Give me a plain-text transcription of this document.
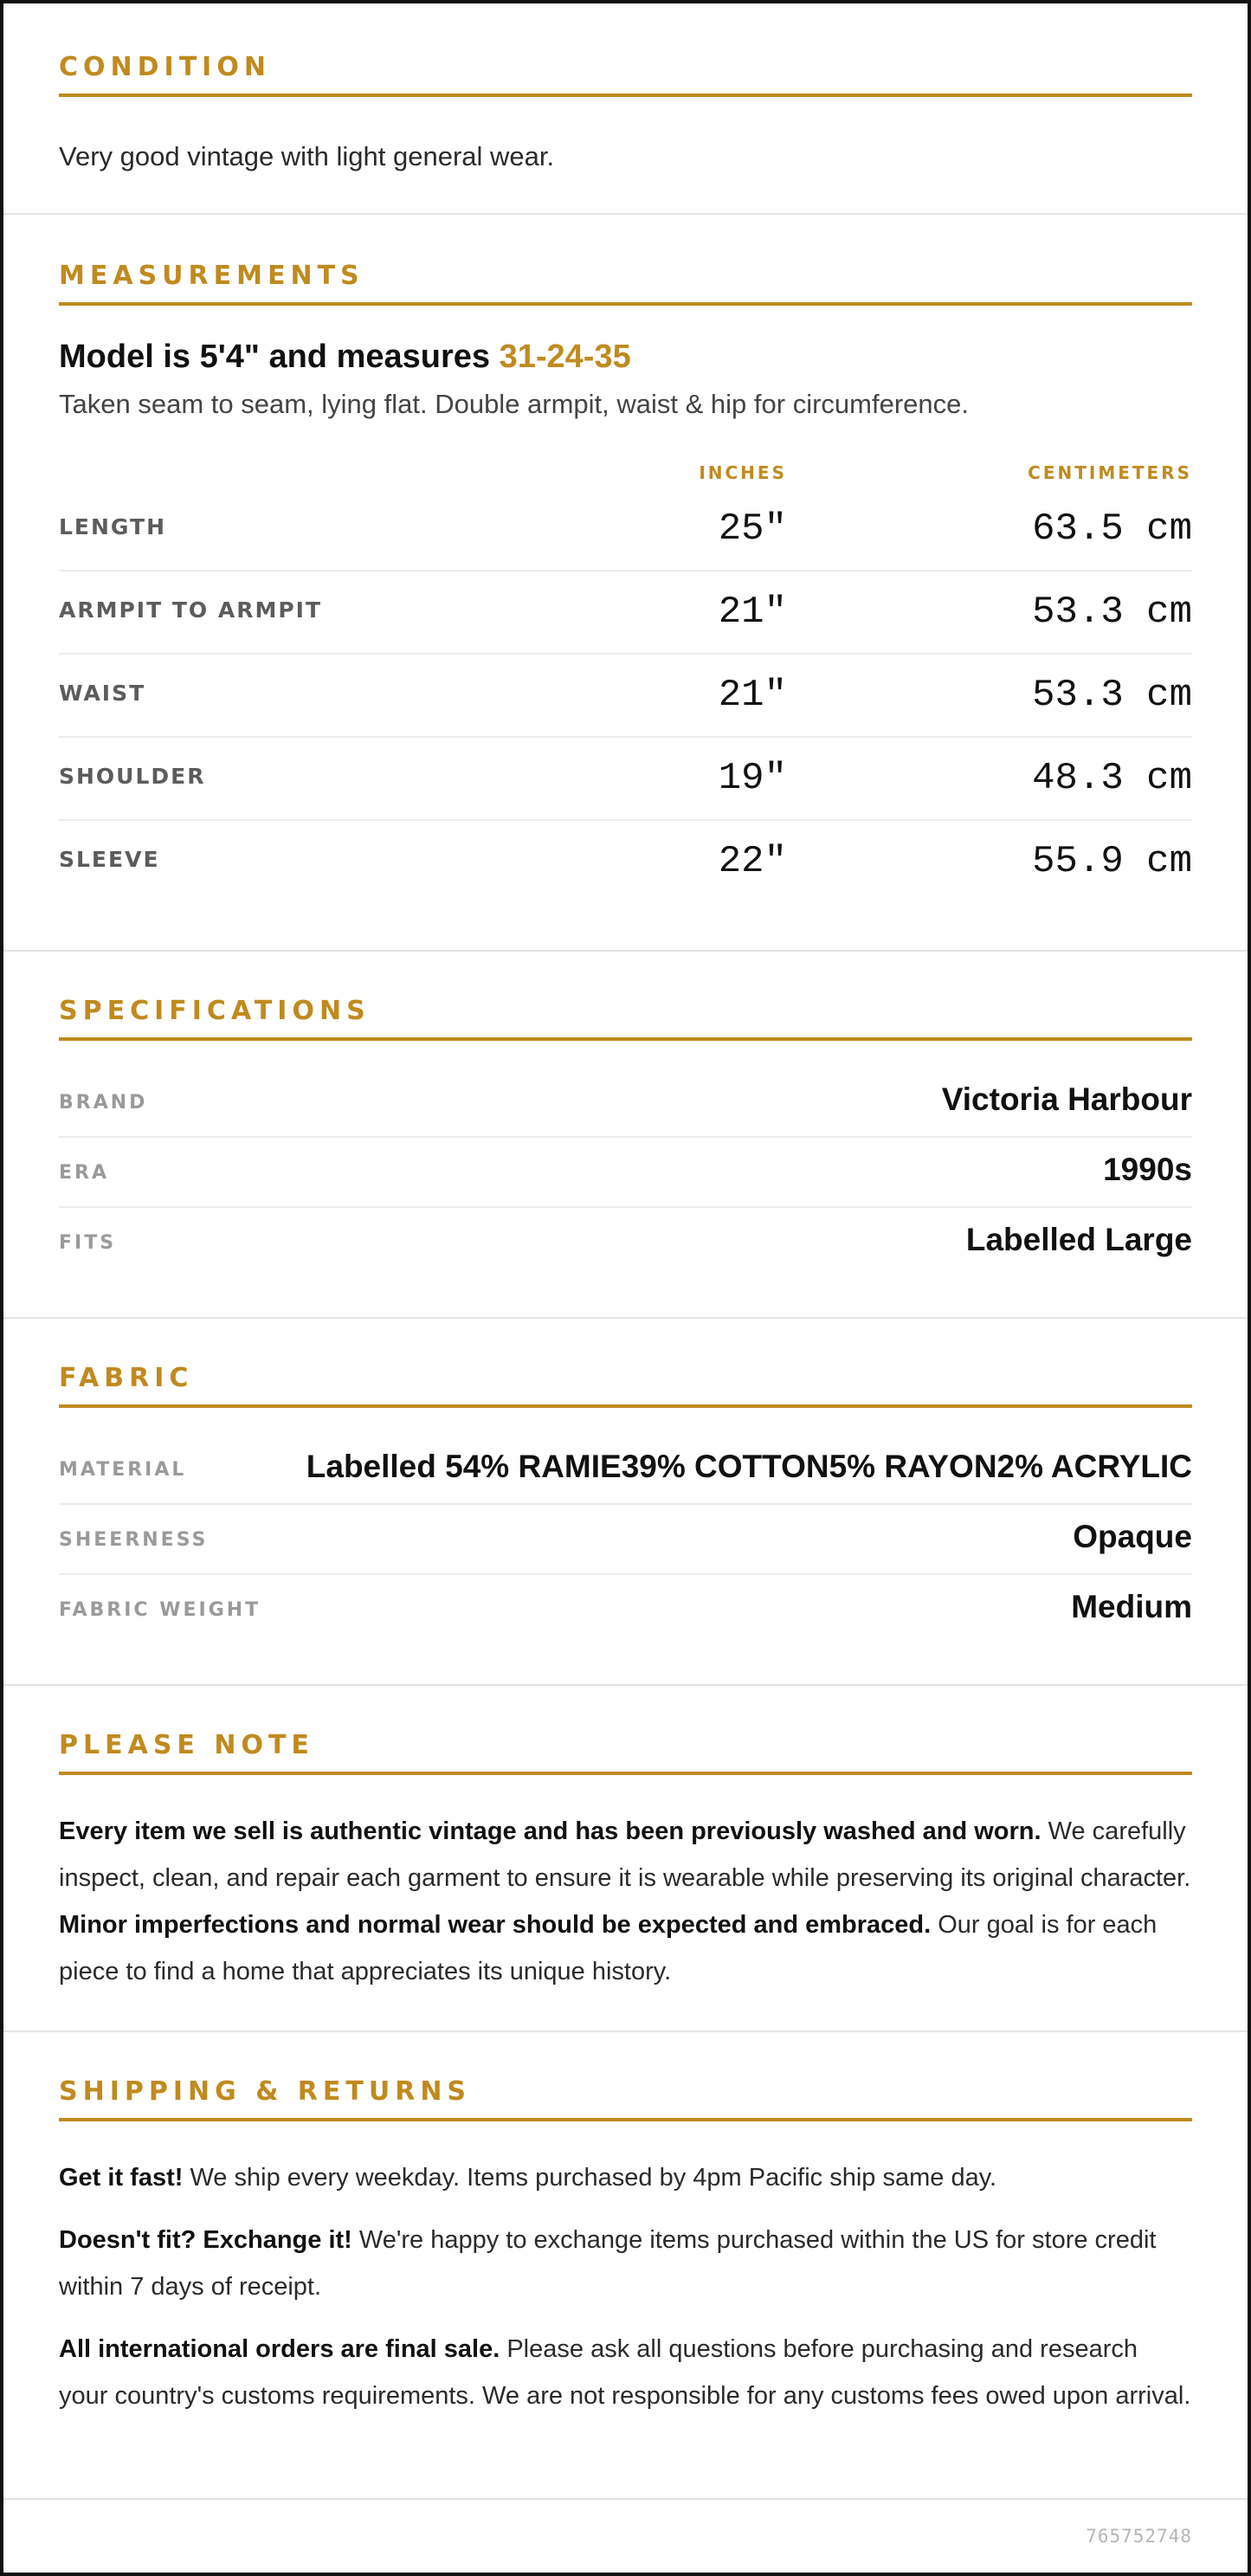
CONDITION

Very good vintage with light general wear.

MEASUREMENTS

Model is 5'4" and measures 31-24-35

Taken seam to seam, lying flat. Double armpit, waist & hip for circumference.

INCHES	CENTIMETERS
LENGTH	25"	63.5 cm
ARMPIT TO ARMPIT	21"	53.3 cm
WAIST	21"	53.3 cm
SHOULDER	19"	48.3 cm
SLEEVE	22"	55.9 cm
SPECIFICATIONS
BRAND	Victoria Harbour
ERA	1990s
FITS	Labelled Large
FABRIC
MATERIAL	Labelled 54% RAMIE39% COTTON5% RAYON2% ACRYLIC
SHEERNESS	Opaque
FABRIC WEIGHT	Medium
PLEASE NOTE

Every item we sell is authentic vintage and has been previously washed and worn. We carefully inspect, clean, and repair each garment to ensure it is wearable while preserving its original character. Minor imperfections and normal wear should be expected and embraced. Our goal is for each piece to find a home that appreciates its unique history.

SHIPPING & RETURNS

Get it fast! We ship every weekday. Items purchased by 4pm Pacific ship same day.

Doesn't fit? Exchange it! We're happy to exchange items purchased within the US for store credit within 7 days of receipt.

All international orders are final sale. Please ask all questions before purchasing and research your country's customs requirements. We are not responsible for any customs fees owed upon arrival.

765752748
